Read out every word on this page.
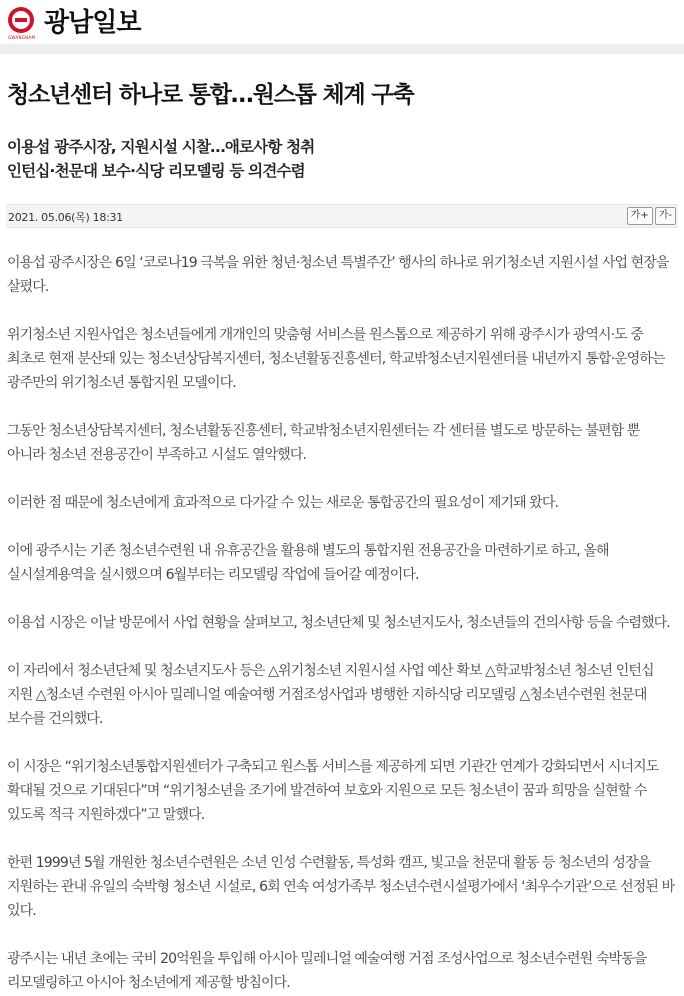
GWANGNAM 광남일보
청소년센터 하나로 통합…원스톱 체계 구축
이용섭 광주시장, 지원시설 시찰…애로사항 청취
인턴십·천문대 보수·식당 리모델링 등 의견수렴
2021. 05.06(목) 18:31	가+	가-

이용섭 광주시장은 6일 ‘코로나19 극복을 위한 청년·청소년 특별주간’ 행사의 하나로 위기청소년 지원시설 사업 현장을 살폈다.

위기청소년 지원사업은 청소년들에게 개개인의 맞춤형 서비스를 원스톱으로 제공하기 위해 광주시가 광역시·도 중 최초로 현재 분산돼 있는 청소년상담복지센터, 청소년활동진흥센터, 학교밖청소년지원센터를 내년까지 통합·운영하는 광주만의 위기청소년 통합지원 모델이다.

그동안 청소년상담복지센터, 청소년활동진흥센터, 학교밖청소년지원센터는 각 센터를 별도로 방문하는 불편함 뿐 아니라 청소년 전용공간이 부족하고 시설도 열악했다.

이러한 점 때문에 청소년에게 효과적으로 다가갈 수 있는 새로운 통합공간의 필요성이 제기돼 왔다.

이에 광주시는 기존 청소년수련원 내 유휴공간을 활용해 별도의 통합지원 전용공간을 마련하기로 하고, 올해 실시설계용역을 실시했으며 6월부터는 리모델링 작업에 들어갈 예정이다.

이용섭 시장은 이날 방문에서 사업 현황을 살펴보고, 청소년단체 및 청소년지도사, 청소년들의 건의사항 등을 수렴했다.

이 자리에서 청소년단체 및 청소년지도사 등은 △위기청소년 지원시설 사업 예산 확보 △학교밖청소년 청소년 인턴십 지원 △청소년 수련원 아시아 밀레니얼 예술여행 거점조성사업과 병행한 지하식당 리모델링 △청소년수련원 천문대 보수를 건의했다.

이 시장은 “위기청소년통합지원센터가 구축되고 원스톱 서비스를 제공하게 되면 기관간 연계가 강화되면서 시너지도 확대될 것으로 기대된다”며 “위기청소년을 조기에 발견하여 보호와 지원으로 모든 청소년이 꿈과 희망을 실현할 수 있도록 적극 지원하겠다”고 말했다.

한편 1999년 5월 개원한 청소년수련원은 소년 인성 수련활동, 특성화 캠프, 빛고을 천문대 활동 등 청소년의 성장을 지원하는 관내 유일의 숙박형 청소년 시설로, 6회 연속 여성가족부 청소년수련시설평가에서 ‘최우수기관’으로 선정된 바 있다.

광주시는 내년 초에는 국비 20억원을 투입해 아시아 밀레니얼 예술여행 거점 조성사업으로 청소년수련원 숙박동을 리모델링하고 아시아 청소년에게 제공할 방침이다.
